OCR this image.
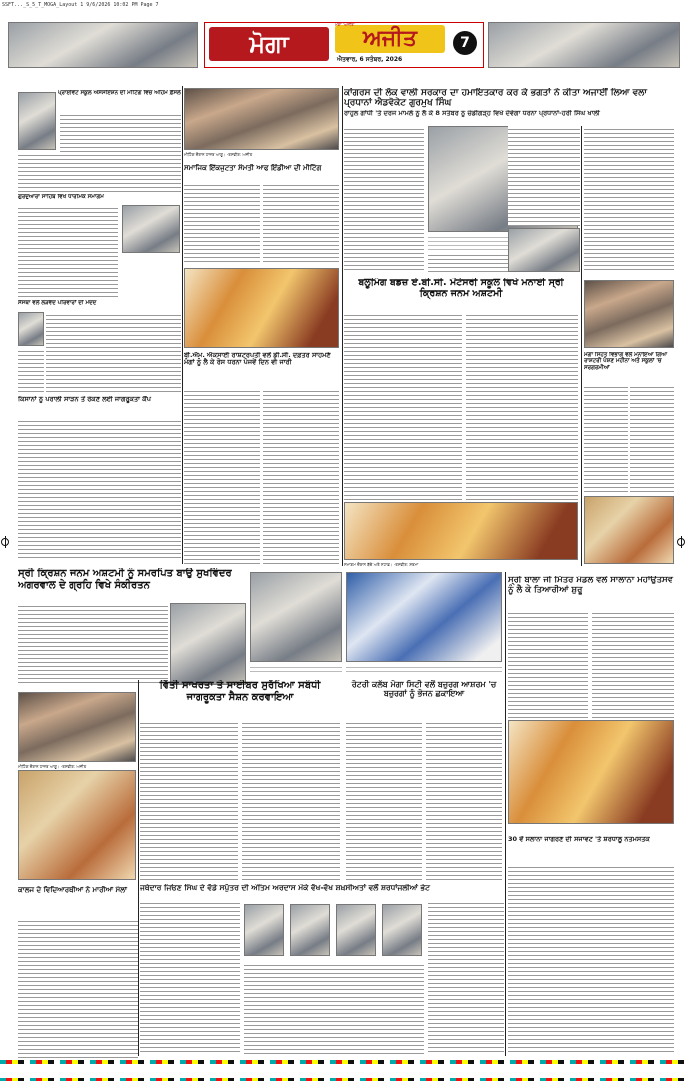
SSFT..._S_5_T_MOGA_Layout 1 9/6/2026 10:02 PM Page 7
ਮੋਗਾ	ਅਜੀਤ
ਮੋਗਾ 'ਅਜੀਤ'
ਐਤਵਾਰ, 6 ਸਤੰਬਰ, 2026
7
ਪ੍ਰਾਈਵੇਟ ਸਕੂਲ ਐਸੋਸੀਏਸ਼ਨ ਦੀ ਮੀਟਿੰਗ ਵਿਚ ਅਹਿਮ ਫ਼ੈਸਲੇ
ਗੁਰਦੁਆਰਾ ਸਾਹਿਬ ਵਿਖੇ ਧਾਰਮਿਕ ਸਮਾਗਮ
ਸੰਸਥਾ ਵਲੋਂ ਲੋੜਵੰਦ ਪਰਿਵਾਰਾਂ ਦੀ ਮਦਦ
ਕਿਸਾਨਾਂ ਨੂੰ ਪਰਾਲੀ ਸਾੜਨ ਤੋਂ ਰੋਕਣ ਲਈ ਜਾਗਰੂਕਤਾ ਕੈਂਪ
ਸ੍ਰੀ ਕ੍ਰਿਸ਼ਨ ਜਨਮ ਅਸ਼ਟਮੀ ਨੂੰ ਸਮਰਪਿਤ ਬਾਉ ਸੁਖਵਿੰਦਰ ਅਗਰਵਾਲ ਦੇ ਗ੍ਰਹਿ ਵਿਖੇ ਸੰਕੀਰਤਨ
ਮੀਟਿੰਗ ਦੌਰਾਨ ਹਾਜ਼ਰ ਆਗੂ। -ਤਸਵੀਰ: ਅਜੀਤ
ਕਾਲਜ ਦੇ ਵਿਦਿਆਰਥੀਆਂ ਨੇ ਮਾਰੀਆਂ ਮੱਲਾਂ
ਮੀਟਿੰਗ ਦੌਰਾਨ ਹਾਜ਼ਰ ਆਗੂ। -ਤਸਵੀਰ: ਅਜੀਤ
ਸਮਾਜਿਕ ਇੱਕਜੁਟਤਾ ਸੰਮਤੀ ਆਫ ਇੰਡੀਆ ਦੀ ਮੀਟਿੰਗ
ਕਾਂਗਰਸ ਦੀ ਲੋਕ ਵਾਲੀ ਸਰਕਾਰ ਦਾ ਹਮਾਇਤਕਾਰ ਕਰ ਕੇ ਭਗਤਾਂ ਨੇ ਕੀਤਾ ਅਜਾਈਂ ਲਿਆ ਵਲਾ ਪ੍ਰਧਾਨਾਂ ਐਡਵੋਕੇਟ ਗੁਰਮੁਖ ਸਿੰਘ
ਰਾਹੁਲ ਗਾਂਧੀ 'ਤੇ ਦਰਜ ਮਾਮਲੇ ਨੂੰ ਲੈ ਕੇ 8 ਸਤੰਬਰ ਨੂੰ ਚੰਡੀਗੜ੍ਹ ਵਿਖੇ ਦੇਵੇਗਾ ਧਰਨਾ ਪ੍ਰਧਾਨਾਂ-ਹਰੀ ਸਿੰਘ ਖਾਲੀ
ਬਲੂਮਿੰਗ ਬਡਜ਼ ਏ.ਬੀ.ਸੀ. ਮੋਂਟੇਸਰੀ ਸਕੂਲ ਵਿਖੇ ਮਨਾਈ ਸ੍ਰੀ ਕ੍ਰਿਸ਼ਨ ਜਨਮ ਅਸ਼ਟਮੀ
ਸਮਾਗਮ ਦੌਰਾਨ ਬੱਚੇ ਅਤੇ ਸਟਾਫ਼। -ਤਸਵੀਰ: ਸ਼ਰਮਾ
ਬੀ.ਐਮ. ਐਕਸਾਈ ਰਾਸ਼ਟਰਪਤੀ ਵਲੋਂ ਡੀ.ਸੀ. ਦਫ਼ਤਰ ਸਾਹਮਣੇ ਮੰਗਾਂ ਨੂੰ ਲੈ ਕੇ ਰੋਸ ਧਰਨਾ ਪੰਜਵੇਂ ਦਿਨ ਵੀ ਜਾਰੀ
ਵਿੱਤੀ ਸਾਖਰਤਾ ਤੇ ਸਾਈਬਰ ਸੁਰੱਖਿਆ ਸਬੰਧੀ ਜਾਗਰੂਕਤਾ ਸੈਸ਼ਨ ਕਰਵਾਇਆ
ਰੋਟਰੀ ਕਲੱਬ ਮੋਗਾ ਸਿਟੀ ਵਲੋਂ ਬਜ਼ੁਰਗ ਆਸ਼ਰਮ 'ਚ ਬਜ਼ੁਰਗਾਂ ਨੂੰ ਭੋਜਨ ਛਕਾਇਆ
ਮੋਗਾ ਸਿਹਤ ਵਿਭਾਗ ਵਲੋਂ ਮਨਾਇਆ ਗਿਆ ਰਾਸ਼ਟਰੀ ਪੋਸ਼ਣ ਮਹੀਨਾ ਅਤੇ ਸਕੂਲਾਂ 'ਚ ਸਰਗਰਮੀਆਂ
ਸ੍ਰੀ ਬਾਲਾ ਜੀ ਮਿੱਤਰ ਮੰਡਲ ਵਲੋਂ ਸਾਲਾਨਾ ਮਹਾਂਉਤਸਵ ਨੂੰ ਲੈ ਕੇ ਤਿਆਰੀਆਂ ਸ਼ੁਰੂ
30 ਵੇਂ ਸਲਾਨਾ ਜਾਗਰਣ ਦੀ ਸਜਾਵਟ 'ਤੇ ਸ਼ਰਧਾਲੂ ਨਤਮਸਤਕ
ਜਥੇਦਾਰ ਜਿਓਣ ਸਿੰਘ ਦੇ ਵੱਡੇ ਸਪੁੱਤਰ ਦੀ ਅੰਤਿਮ ਅਰਦਾਸ ਮੌਕੇ ਵੱਖ-ਵੱਖ ਸ਼ਖ਼ਸੀਅਤਾਂ ਵਲੋਂ ਸ਼ਰਧਾਂਜਲੀਆਂ ਭੇਟ
